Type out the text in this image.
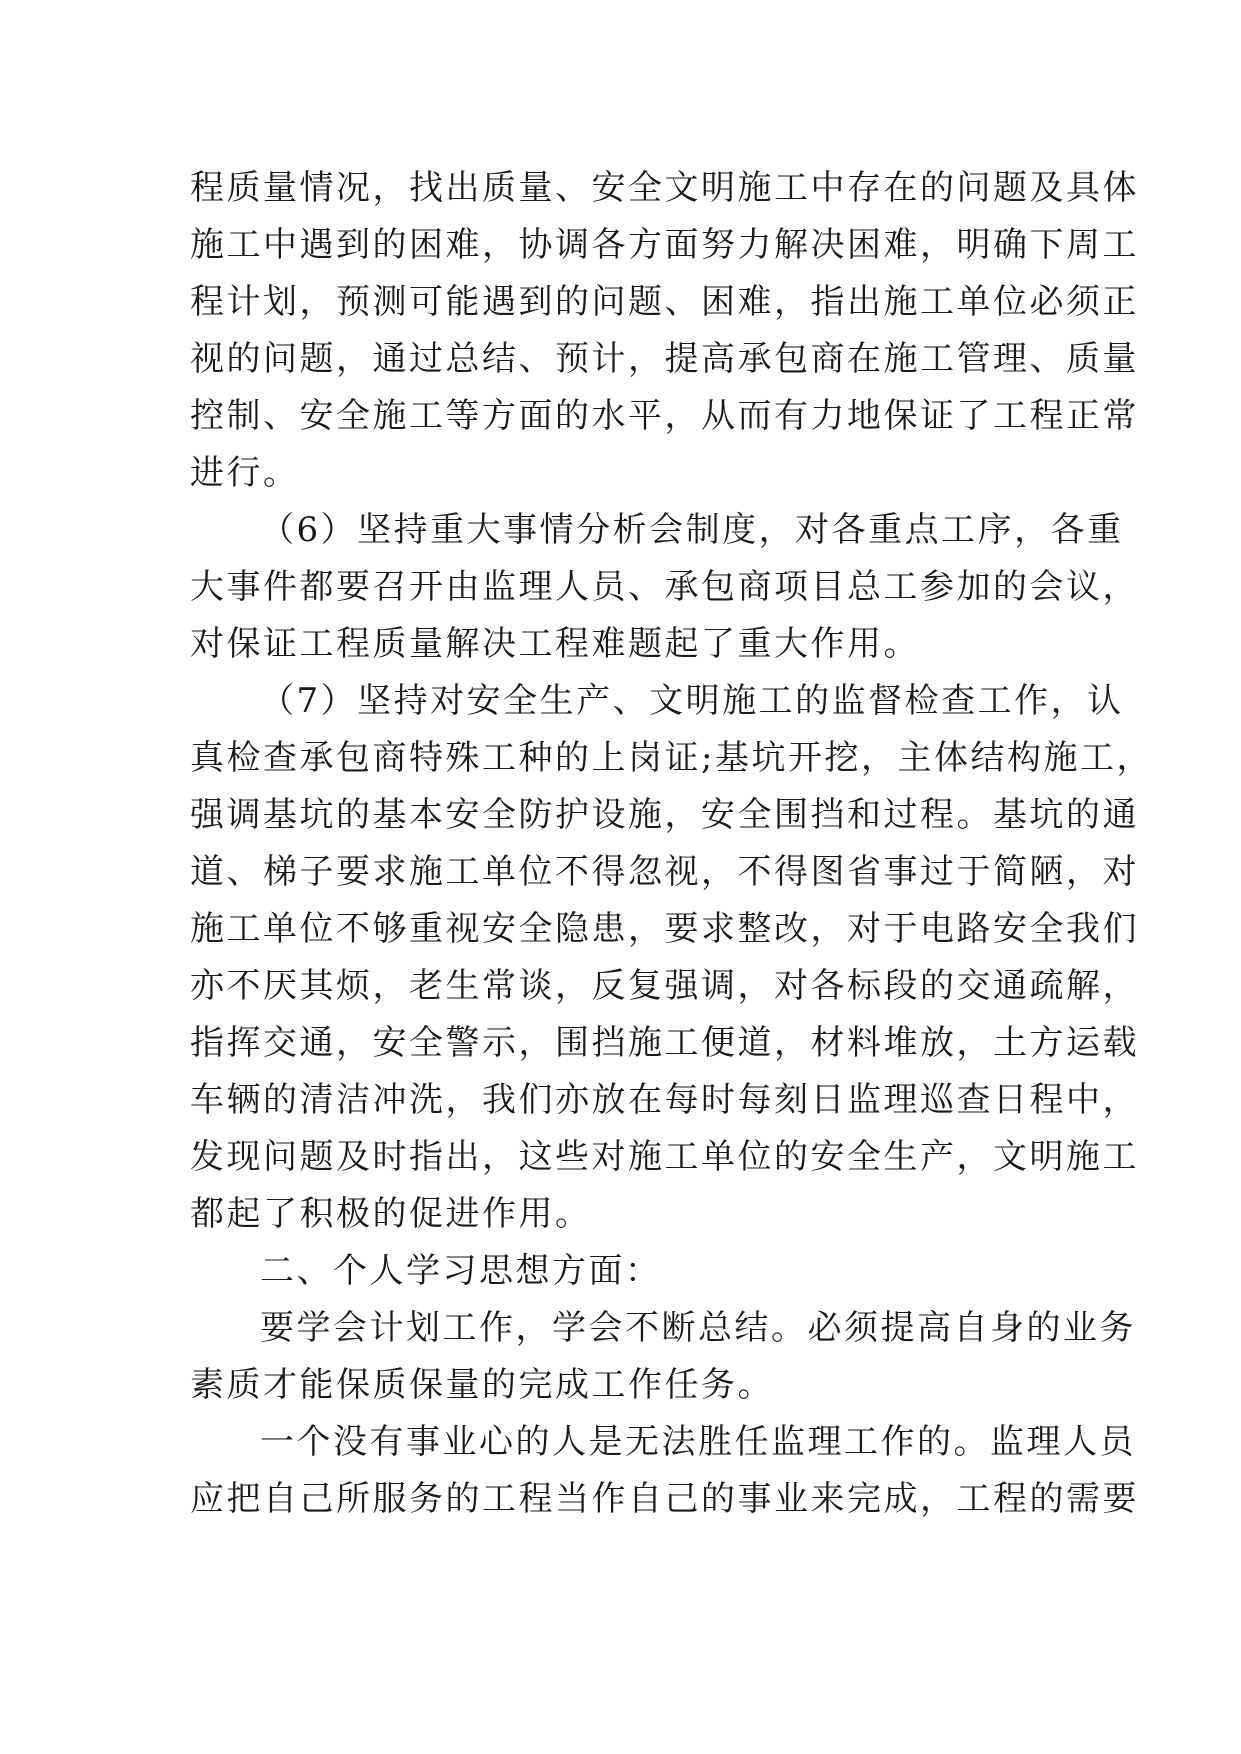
程质量情况，找出质量、安全文明施工中存在的问题及具体
施工中遇到的困难，协调各方面努力解决困难，明确下周工
程计划，预测可能遇到的问题、困难，指出施工单位必须正
视的问题，通过总结、预计，提高承包商在施工管理、质量
控制、安全施工等方面的水平，从而有力地保证了工程正常
进行。
（6）坚持重大事情分析会制度，对各重点工序，各重
大事件都要召开由监理人员、承包商项目总工参加的会议，
对保证工程质量解决工程难题起了重大作用。
（7）坚持对安全生产、文明施工的监督检查工作，认
真检查承包商特殊工种的上岗证;基坑开挖，主体结构施工，
强调基坑的基本安全防护设施，安全围挡和过程。基坑的通
道、梯子要求施工单位不得忽视，不得图省事过于简陋，对
施工单位不够重视安全隐患，要求整改，对于电路安全我们
亦不厌其烦，老生常谈，反复强调，对各标段的交通疏解，
指挥交通，安全警示，围挡施工便道，材料堆放，土方运载
车辆的清洁冲洗，我们亦放在每时每刻日监理巡查日程中，
发现问题及时指出，这些对施工单位的安全生产，文明施工
都起了积极的促进作用。
二、个人学习思想方面：
要学会计划工作，学会不断总结。必须提高自身的业务
素质才能保质保量的完成工作任务。
一个没有事业心的人是无法胜任监理工作的。监理人员
应把自己所服务的工程当作自己的事业来完成，工程的需要
